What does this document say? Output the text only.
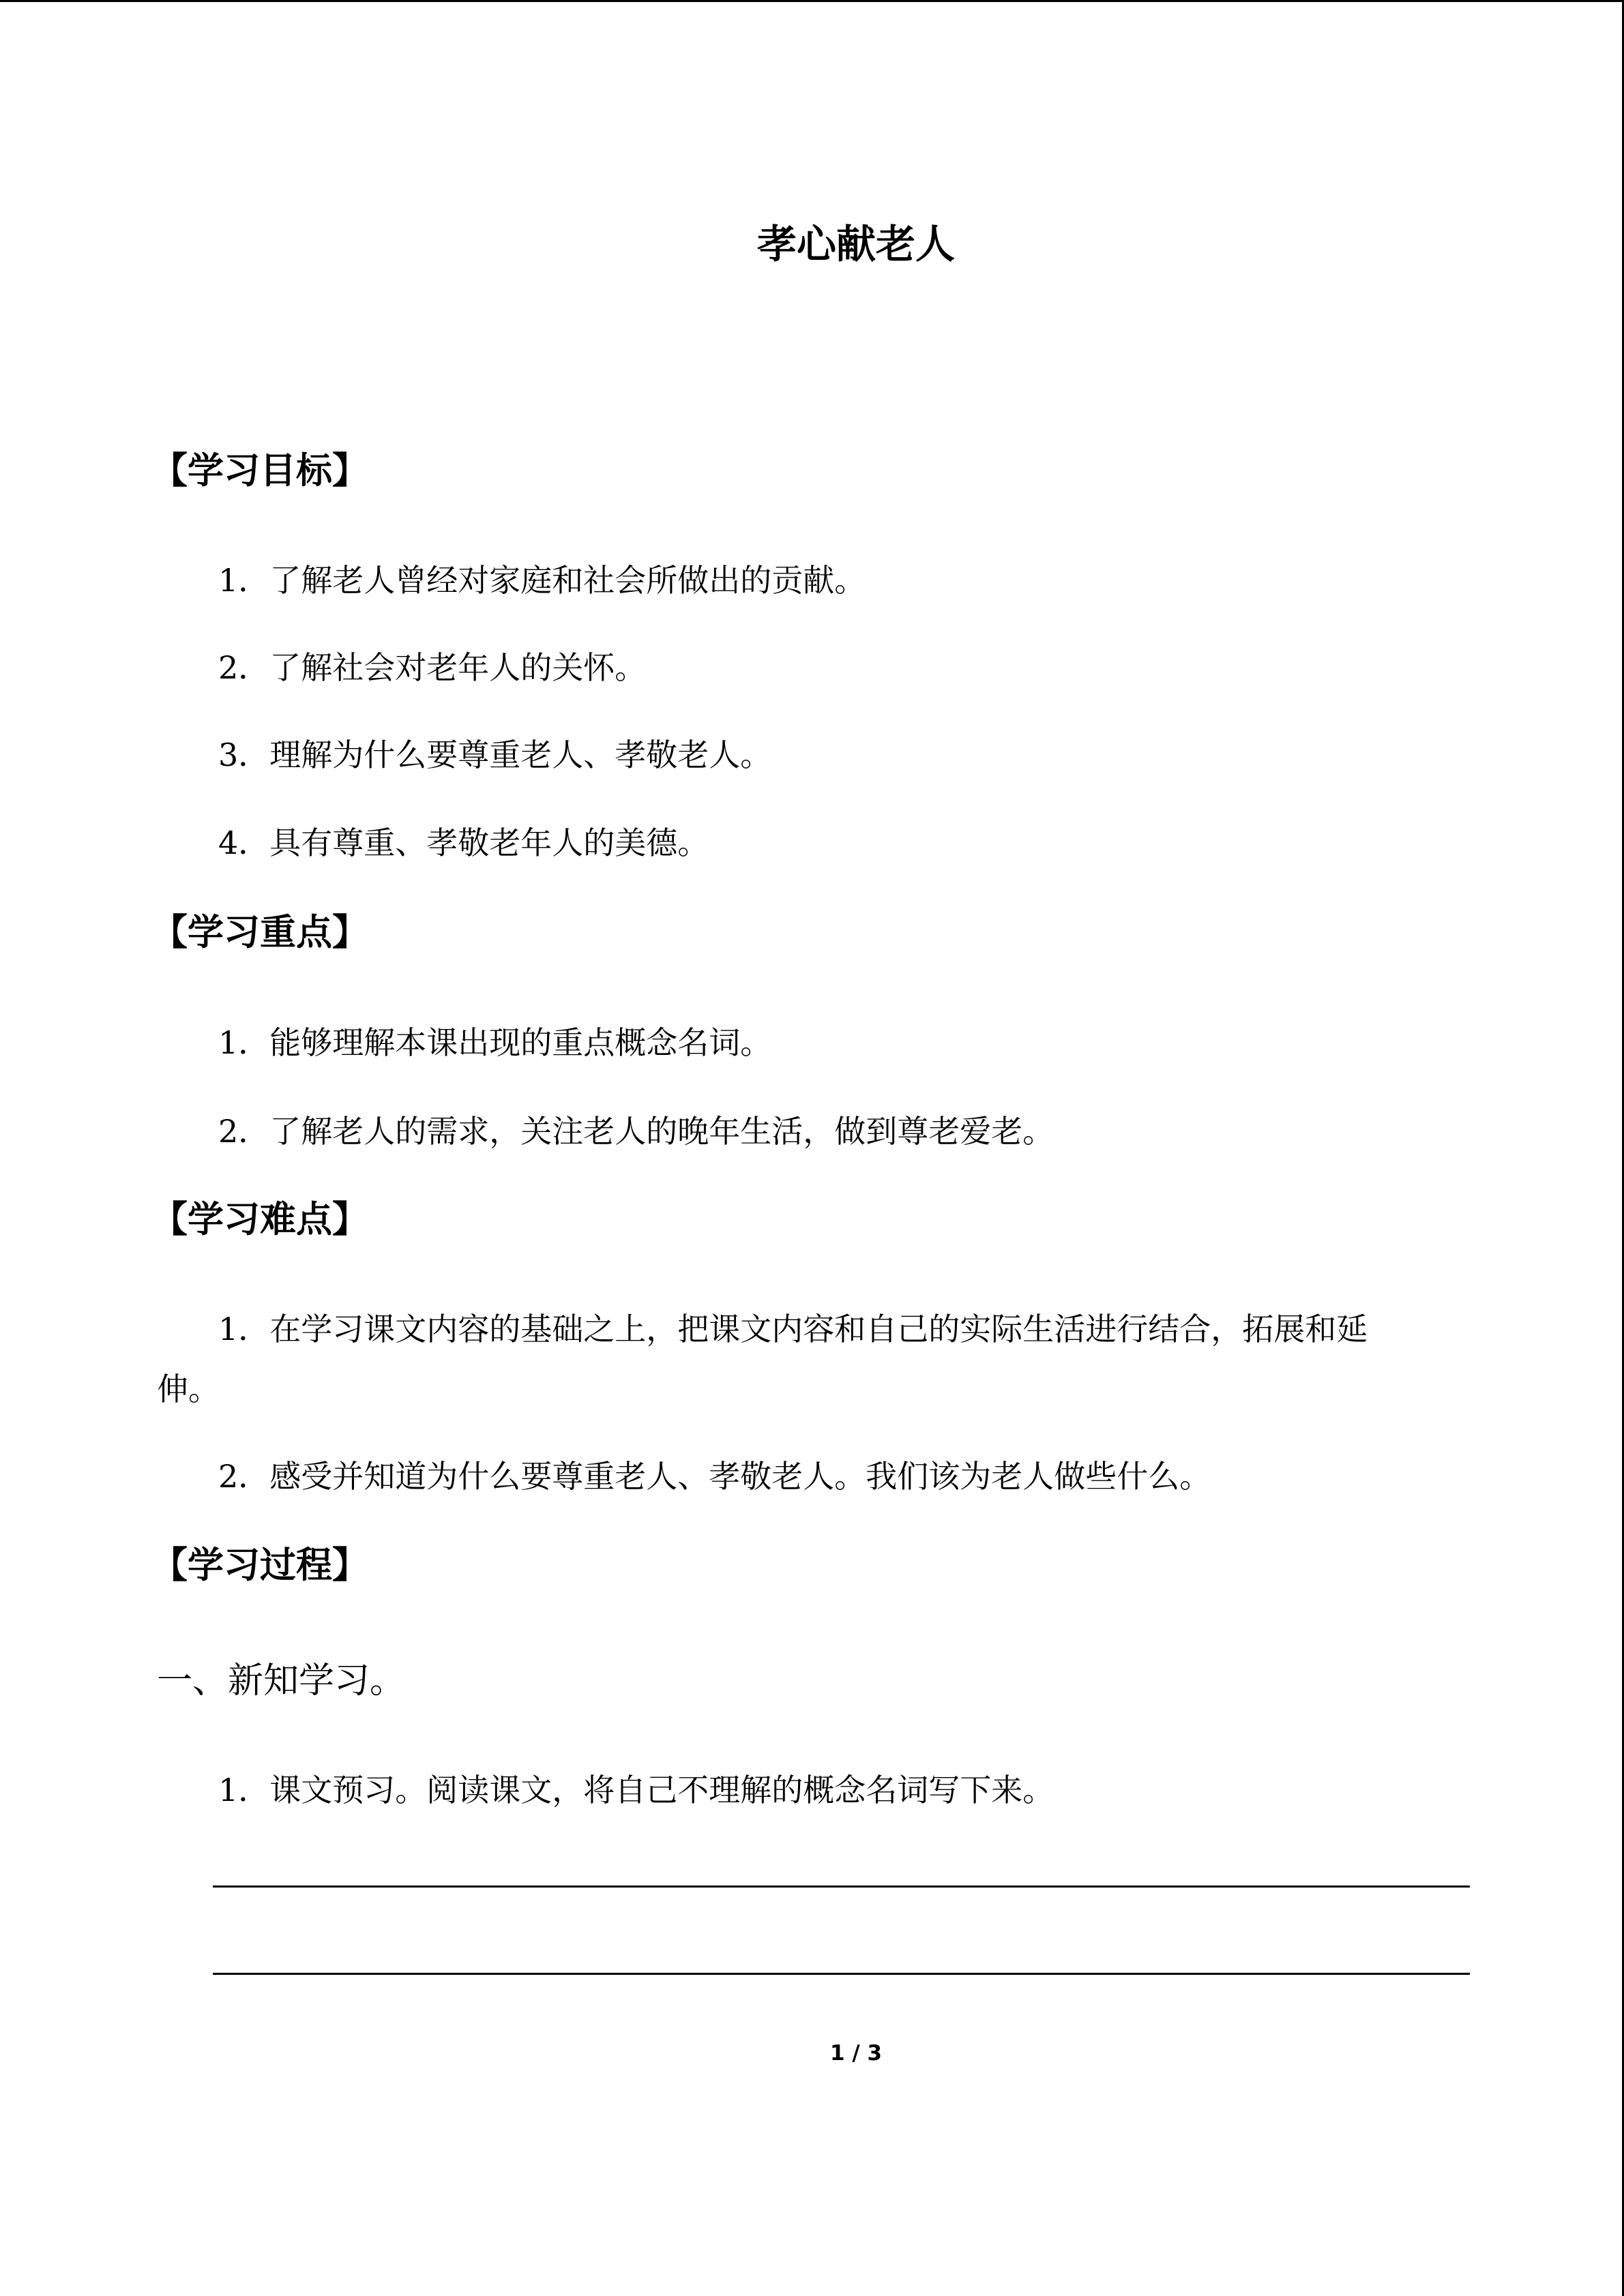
孝心献老人
【学习目标】
1．了解老人曾经对家庭和社会所做出的贡献。
2．了解社会对老年人的关怀。
3．理解为什么要尊重老人、孝敬老人。
4．具有尊重、孝敬老年人的美德。
【学习重点】
1．能够理解本课出现的重点概念名词。
2．了解老人的需求，关注老人的晚年生活，做到尊老爱老。
【学习难点】
1．在学习课文内容的基础之上，把课文内容和自己的实际生活进行结合，拓展和延
伸。
2．感受并知道为什么要尊重老人、孝敬老人。我们该为老人做些什么。
【学习过程】
一、新知学习。
1．课文预习。阅读课文，将自己不理解的概念名词写下来。
1 / 3
